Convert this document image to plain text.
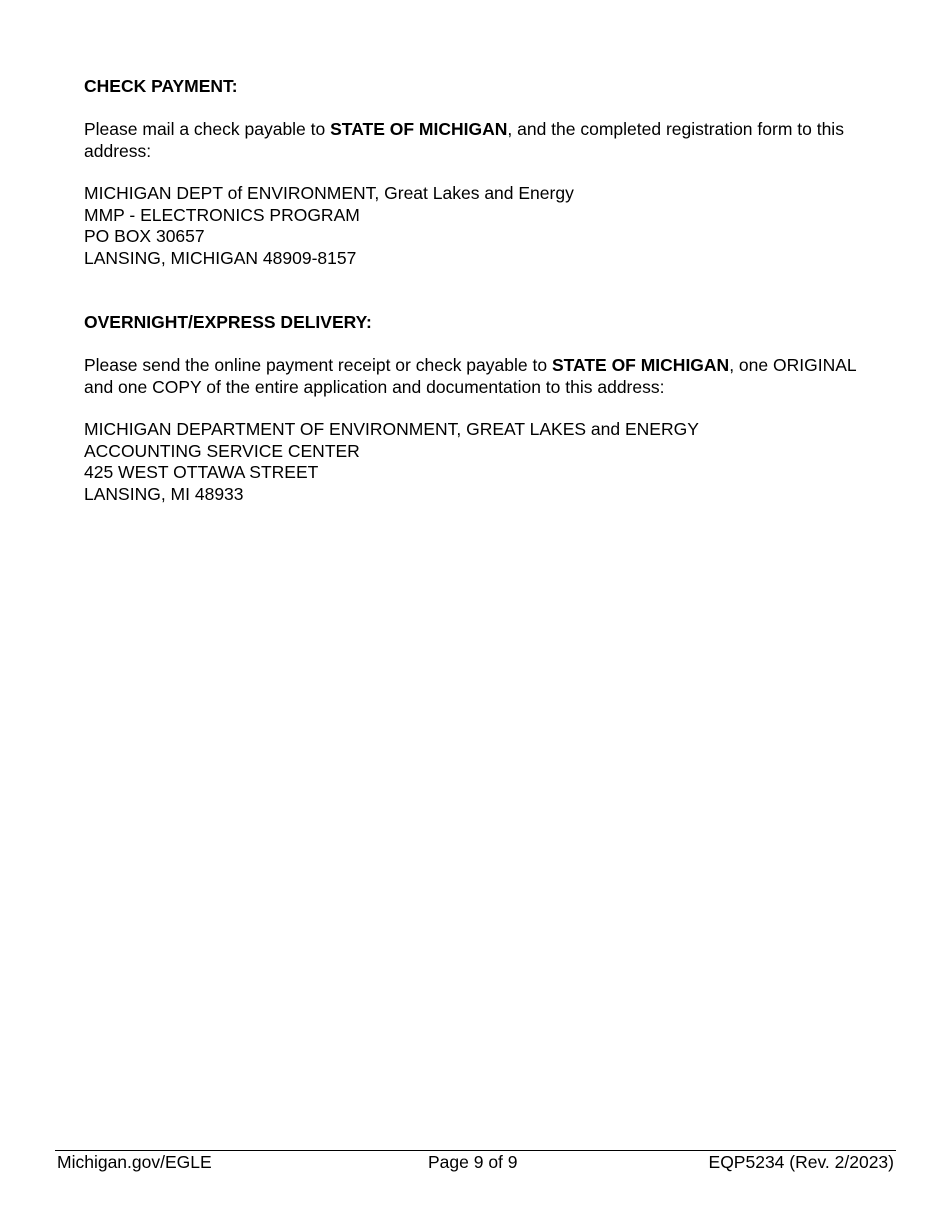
CHECK PAYMENT:
Please mail a check payable to STATE OF MICHIGAN, and the completed registration form to this address:
MICHIGAN DEPT of ENVIRONMENT, Great Lakes and Energy
MMP - ELECTRONICS PROGRAM
PO BOX 30657
LANSING, MICHIGAN 48909-8157
OVERNIGHT/EXPRESS DELIVERY:
Please send the online payment receipt or check payable to STATE OF MICHIGAN, one ORIGINAL and one COPY of the entire application and documentation to this address:
MICHIGAN DEPARTMENT OF ENVIRONMENT, GREAT LAKES and ENERGY
ACCOUNTING SERVICE CENTER
425 WEST OTTAWA STREET
LANSING, MI 48933
Michigan.gov/EGLE	Page 9 of 9	EQP5234 (Rev. 2/2023)
